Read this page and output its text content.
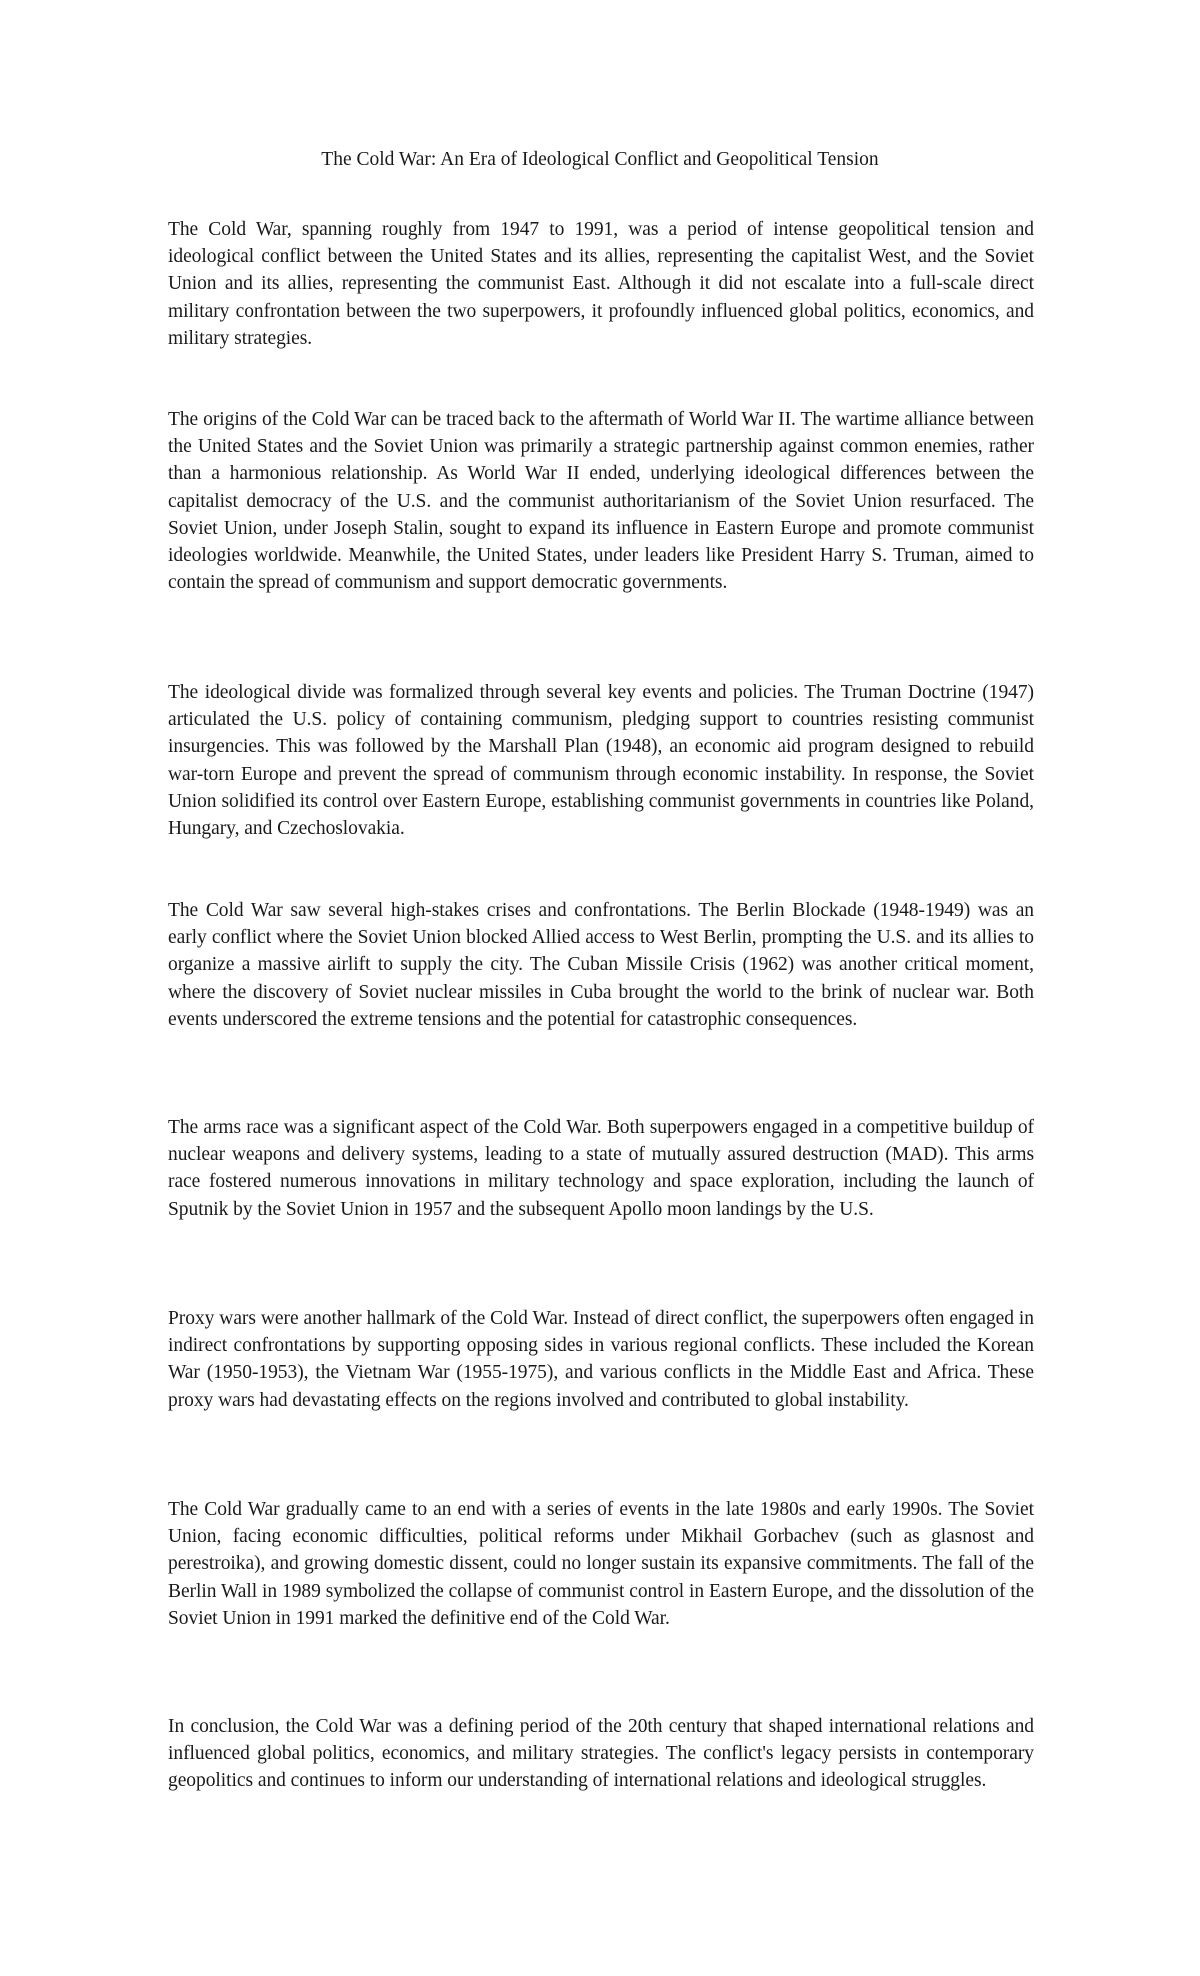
The Cold War: An Era of Ideological Conflict and Geopolitical Tension

The Cold War, spanning roughly from 1947 to 1991, was a period of intense geopolitical tension and ideological conflict between the United States and its allies, representing the capitalist West, and the Soviet Union and its allies, representing the communist East. Although it did not escalate into a full-scale direct military confrontation between the two superpowers, it profoundly influenced global politics, economics, and military strategies.

The origins of the Cold War can be traced back to the aftermath of World War II. The wartime alliance between the United States and the Soviet Union was primarily a strategic partnership against common enemies, rather than a harmonious relationship. As World War II ended, underlying ideological differences between the capitalist democracy of the U.S. and the communist authoritarianism of the Soviet Union resurfaced. The Soviet Union, under Joseph Stalin, sought to expand its influence in Eastern Europe and promote communist ideologies worldwide. Meanwhile, the United States, under leaders like President Harry S. Truman, aimed to contain the spread of communism and support democratic governments.

The ideological divide was formalized through several key events and policies. The Truman Doctrine (1947) articulated the U.S. policy of containing communism, pledging support to countries resisting communist insurgencies. This was followed by the Marshall Plan (1948), an economic aid program designed to rebuild war-torn Europe and prevent the spread of communism through economic instability. In response, the Soviet Union solidified its control over Eastern Europe, establishing communist governments in countries like Poland, Hungary, and Czechoslovakia.

The Cold War saw several high-stakes crises and confrontations. The Berlin Blockade (1948-1949) was an early conflict where the Soviet Union blocked Allied access to West Berlin, prompting the U.S. and its allies to organize a massive airlift to supply the city. The Cuban Missile Crisis (1962) was another critical moment, where the discovery of Soviet nuclear missiles in Cuba brought the world to the brink of nuclear war. Both events underscored the extreme tensions and the potential for catastrophic consequences.

The arms race was a significant aspect of the Cold War. Both superpowers engaged in a competitive buildup of nuclear weapons and delivery systems, leading to a state of mutually assured destruction (MAD). This arms race fostered numerous innovations in military technology and space exploration, including the launch of Sputnik by the Soviet Union in 1957 and the subsequent Apollo moon landings by the U.S.

Proxy wars were another hallmark of the Cold War. Instead of direct conflict, the superpowers often engaged in indirect confrontations by supporting opposing sides in various regional conflicts. These included the Korean War (1950-1953), the Vietnam War (1955-1975), and various conflicts in the Middle East and Africa. These proxy wars had devastating effects on the regions involved and contributed to global instability.

The Cold War gradually came to an end with a series of events in the late 1980s and early 1990s. The Soviet Union, facing economic difficulties, political reforms under Mikhail Gorbachev (such as glasnost and perestroika), and growing domestic dissent, could no longer sustain its expansive commitments. The fall of the Berlin Wall in 1989 symbolized the collapse of communist control in Eastern Europe, and the dissolution of the Soviet Union in 1991 marked the definitive end of the Cold War.

In conclusion, the Cold War was a defining period of the 20th century that shaped international relations and influenced global politics, economics, and military strategies. The conflict's legacy persists in contemporary geopolitics and continues to inform our understanding of international relations and ideological struggles.
